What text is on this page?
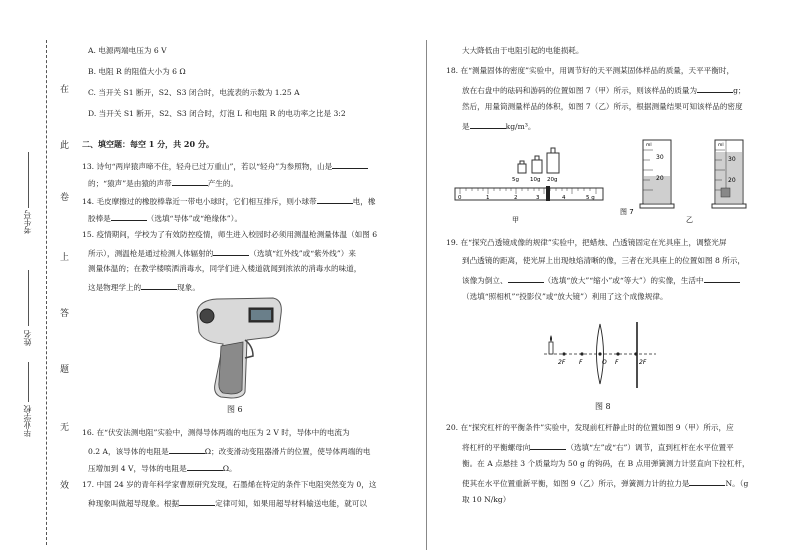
在
此
卷
上
答
题
无
效
考生号
姓名
毕业学校
A. 电源两端电压为 6 V
B. 电阻 R 的阻值大小为 6 Ω
C. 当开关 S1 断开，S2、S3 闭合时，电流表的示数为 1.25 A
D. 当开关 S1 断开，S2、S3 闭合时，灯泡 L 和电阻 R 的电功率之比是 3:2
二、填空题：每空 1 分，共 20 分。
13. 诗句“两岸猿声啼不住，轻舟已过万重山”，若以“轻舟”为参照物，山是
的；“猿声”是由猿的声带	产生的。
14. 毛皮摩擦过的橡胶棒靠近一带电小球时，它们相互排斥，则小球带	电，橡
胶棒是	（选填“导体”或“绝缘体”）。
15. 疫情期间，学校为了有效防控疫情，师生进入校园时必须用测温枪测量体温（如图 6
所示），测温枪是通过检测人体辐射的	（选填“红外线”或“紫外线”）来
测量体温的；在教学楼喷洒消毒水，同学们进入楼道就闻到浓浓的消毒水的味道，
这是物理学上的	现象。
图 6
16. 在“伏安法测电阻”实验中，测得导体两端的电压为 2 V 时，导体中的电流为
0.2 A，该导体的电阻是	Ω；改变滑动变阻器滑片的位置，使导体两端的电
压增加到 4 V，导体的电阻是	Ω。
17. 中国 24 岁的青年科学家曹原研究发现，石墨烯在特定的条件下电阻突然变为 0，这
种现象叫做超导现象。根据	定律可知，如果用超导材料输送电能，就可以
大大降低由于电阻引起的电能损耗。
18. 在“测量固体的密度”实验中，用调节好的天平测某固体样品的质量，天平平衡时，
放在右盘中的砝码和游码的位置如图 7（甲）所示，则该样品的质量为	g；
然后，用量筒测量样品的体积，如图 7（乙）所示，根据测量结果可知该样品的密度
是	kg/m³。
5g 10g 20g
0	1	2	3	4	5 g
甲
图 7
30
20
ml
30
20
ml
乙
19. 在“探究凸透镜成像的规律”实验中，把蜡烛、凸透镜固定在光具座上，调整光屏
到凸透镜的距离，使光屏上出现烛焰清晰的像，三者在光具座上的位置如图 8 所示，
该像为倒立、	（选填“放大”“缩小”或“等大”）的实像，生活中
（选填“照相机”“投影仪”或“放大镜”）利用了这个成像规律。
2F F	O F	2F
图 8
20. 在“探究杠杆的平衡条件”实验中，发现前杠杆静止时的位置如图 9（甲）所示，应
将杠杆的平衡螺母向	（选填“左”或“右”）调节，直到杠杆在水平位置平
衡。在 A 点悬挂 3 个质量均为 50 g 的钩码，在 B 点用弹簧测力计竖直向下拉杠杆，
使其在水平位置重新平衡，如图 9（乙）所示，弹簧测力计的拉力是	N。（g
取 10 N/kg）
